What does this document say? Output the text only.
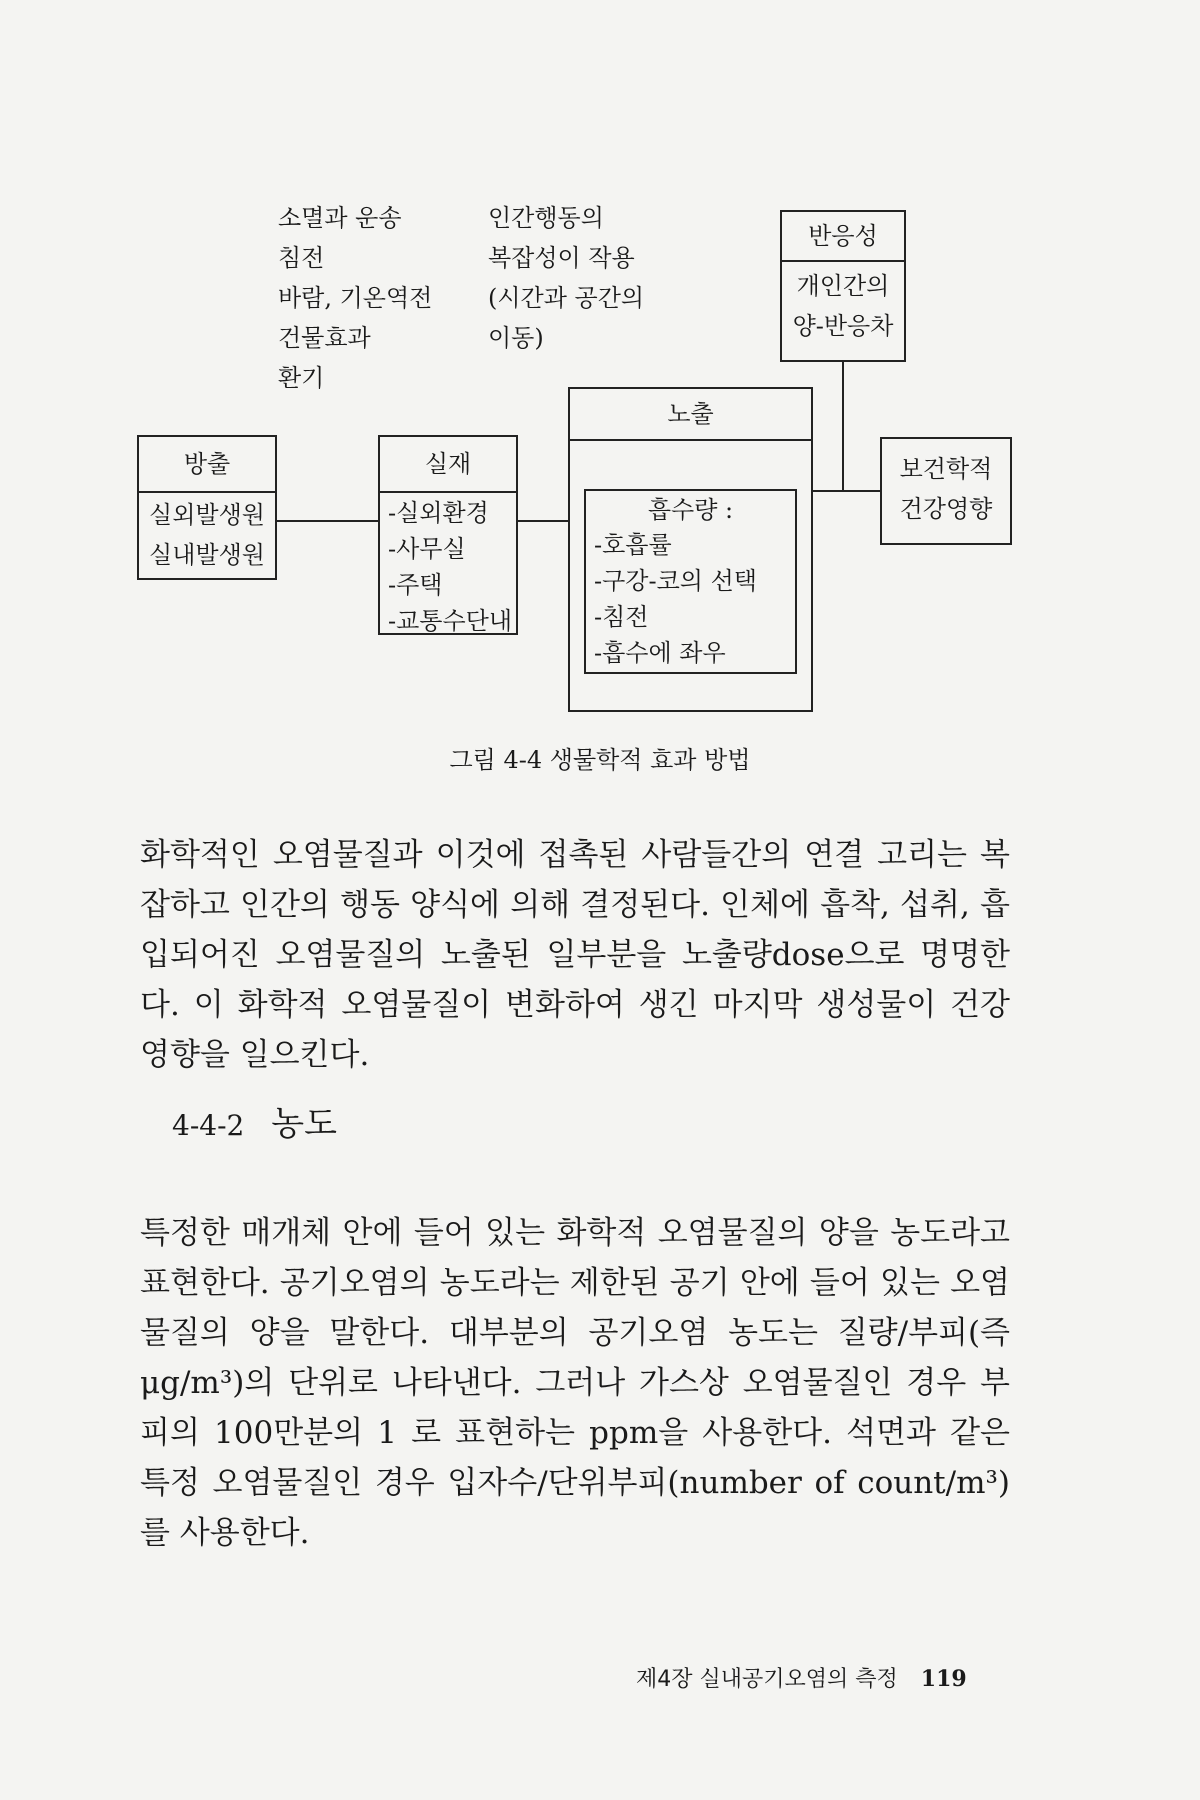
소멸과 운송
침전
바람, 기온역전
건물효과
환기
인간행동의
복잡성이 작용
(시간과 공간의
이동)
방출
실외발생원
실내발생원
실재
-실외환경
-사무실
-주택
-교통수단내
노출
흡수량 :
-호흡률
-구강-코의 선택
-침전
-흡수에 좌우
반응성
개인간의
양-반응차
보건학적
건강영향
그림 4-4 생물학적 효과 방법

화학적인 오염물질과 이것에 접촉된 사람들간의 연결 고리는 복잡하고 인간의 행동 양식에 의해 결정된다. 인체에 흡착, 섭취, 흡입되어진 오염물질의 노출된 일부분을 노출량dose으로 명명한다. 이 화학적 오염물질이 변화하여 생긴 마지막 생성물이 건강 영향을 일으킨다.

4-4-2 농도

특정한 매개체 안에 들어 있는 화학적 오염물질의 양을 농도라고 표현한다. 공기오염의 농도라는 제한된 공기 안에 들어 있는 오염물질의 양을 말한다. 대부분의 공기오염 농도는 질량/부피(즉 μg/m³)의 단위로 나타낸다. 그러나 가스상 오염물질인 경우 부피의 100만분의 1 로 표현하는 ppm을 사용한다. 석면과 같은 특정 오염물질인 경우 입자수/단위부피(number of count/m³)를 사용한다.

제4장 실내공기오염의 측정 119
